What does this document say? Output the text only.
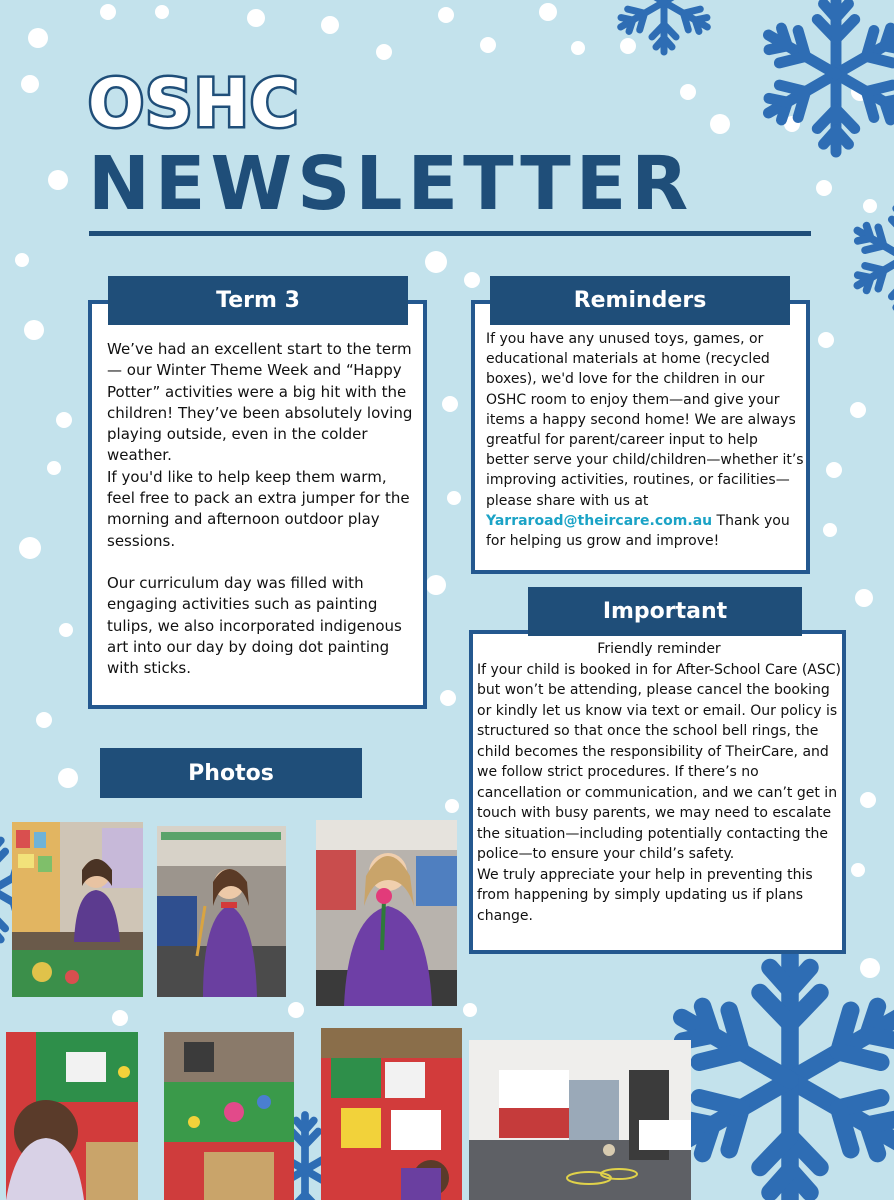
OSHC
NEWSLETTER
Term 3

We’ve had an excellent start to the term — our Winter Theme Week and “Happy Potter” activities were a big hit with the children! They’ve been absolutely loving playing outside, even in the colder weather.

If you'd like to help keep them warm, feel free to pack an extra jumper for the morning and afternoon outdoor play sessions.

Our curriculum day was filled with engaging activities such as painting tulips, we also incorporated indigenous art into our day by doing dot painting with sticks.

Reminders

If you have any unused toys, games, or educational materials at home (recycled boxes), we'd love for the children in our OSHC room to enjoy them—and give your items a happy second home! We are always greatful for parent/career input to help better serve your child/children—whether it’s improving activities, routines, or facilities—please share with us at Yarraroad@theircare.com.au Thank you for helping us grow and improve!

Important

Friendly reminder

If your child is booked in for After-School Care (ASC) but won’t be attending, please cancel the booking or kindly let us know via text or email. Our policy is structured so that once the school bell rings, the child becomes the responsibility of TheirCare, and we follow strict procedures. If there’s no cancellation or communication, and we can’t get in touch with busy parents, we may need to escalate the situation—including potentially contacting the police—to ensure your child’s safety.

We truly appreciate your help in preventing this from happening by simply updating us if plans change.

Photos
